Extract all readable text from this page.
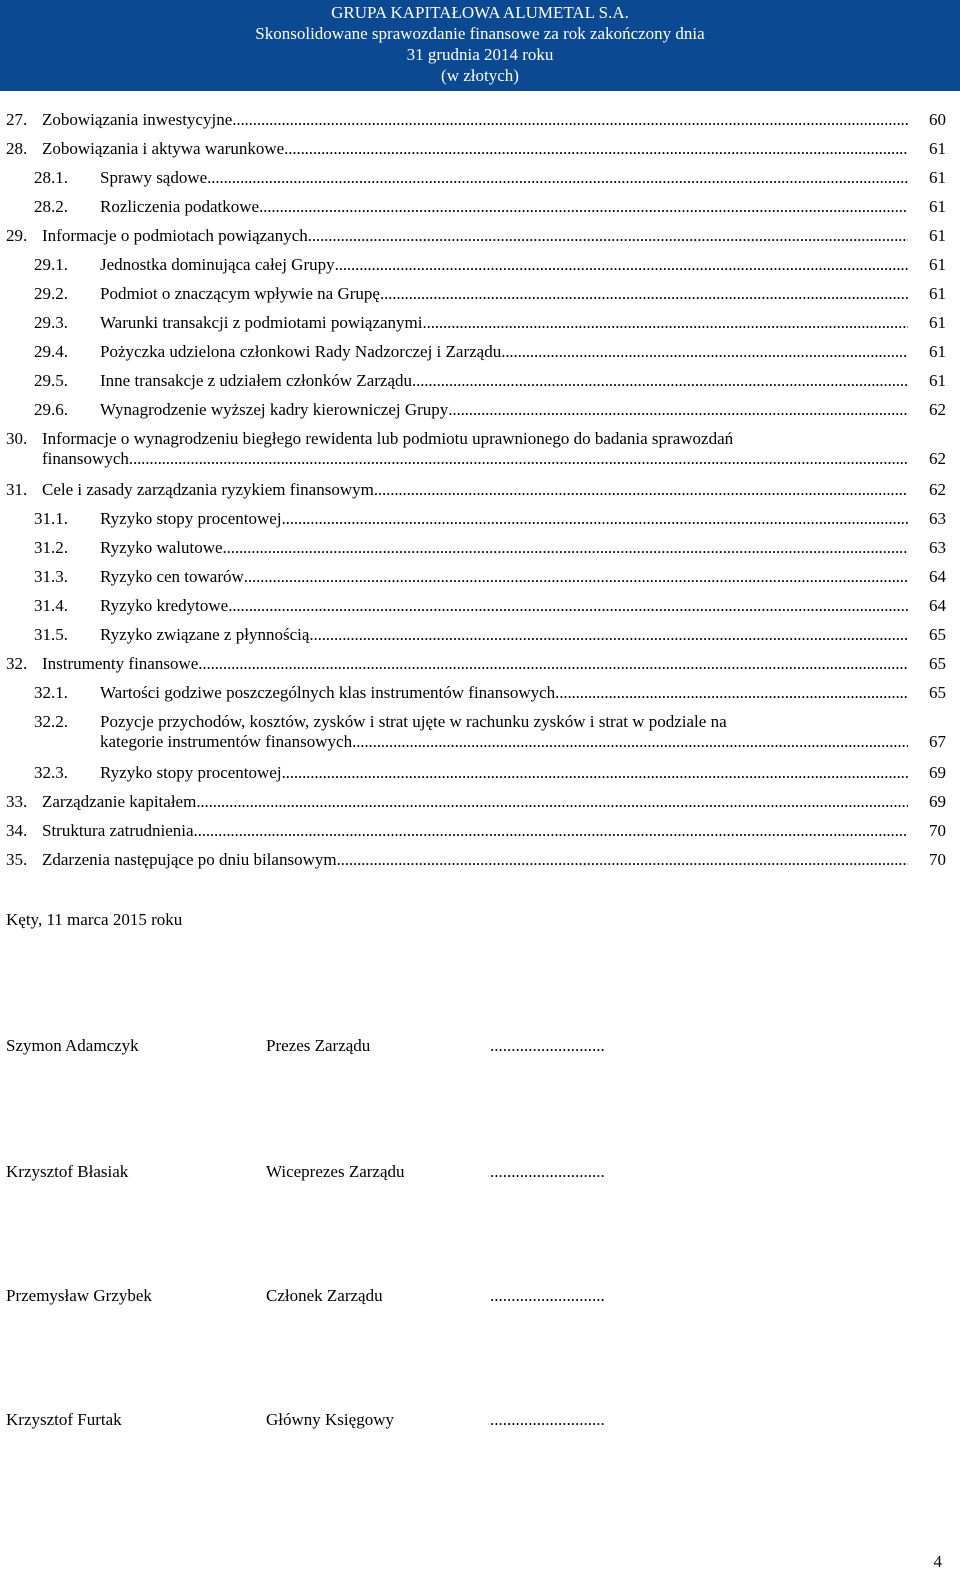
GRUPA KAPITAŁOWA ALUMETAL S.A.
Skonsolidowane sprawozdanie finansowe za rok zakończony dnia
31 grudnia 2014 roku
(w złotych)
27. Zobowiązania inwestycyjne . . .	60
28. Zobowiązania i aktywa warunkowe . . .	61
28.1. Sprawy sądowe . . .	61
28.2. Rozliczenia podatkowe . . .	61
29. Informacje o podmiotach powiązanych . . .	61
29.1. Jednostka dominująca całej Grupy . . .	61
29.2. Podmiot o znaczącym wpływie na Grupę . . .	61
29.3. Warunki transakcji z podmiotami powiązanymi . . .	61
29.4. Pożyczka udzielona członkowi Rady Nadzorczej i Zarządu . . .	61
29.5. Inne transakcje z udziałem członków Zarządu . . .	61
29.6. Wynagrodzenie wyższej kadry kierowniczej Grupy . . .	62
30. Informacje o wynagrodzeniu biegłego rewidenta lub podmiotu uprawnionego do badania sprawozdań
finansowych . . .	62
31. Cele i zasady zarządzania ryzykiem finansowym . . .	62
31.1. Ryzyko stopy procentowej . . .	63
31.2. Ryzyko walutowe . . .	63
31.3. Ryzyko cen towarów . . .	64
31.4. Ryzyko kredytowe . . .	64
31.5. Ryzyko związane z płynnością . . .	65
32. Instrumenty finansowe . . .	65
32.1. Wartości godziwe poszczególnych klas instrumentów finansowych . . .	65
32.2. Pozycje przychodów, kosztów, zysków i strat ujęte w rachunku zysków i strat w podziale na
kategorie instrumentów finansowych . . .	67
32.3. Ryzyko stopy procentowej . . .	69
33. Zarządzanie kapitałem . . .	69
34. Struktura zatrudnienia . . .	70
35. Zdarzenia następujące po dniu bilansowym . . .	70
Kęty, 11 marca 2015 roku
Szymon Adamczyk	Prezes Zarządu	...........................
Krzysztof Błasiak	Wiceprezes Zarządu	...........................
Przemysław Grzybek	Członek Zarządu	...........................
Krzysztof Furtak	Główny Księgowy	...........................
4
